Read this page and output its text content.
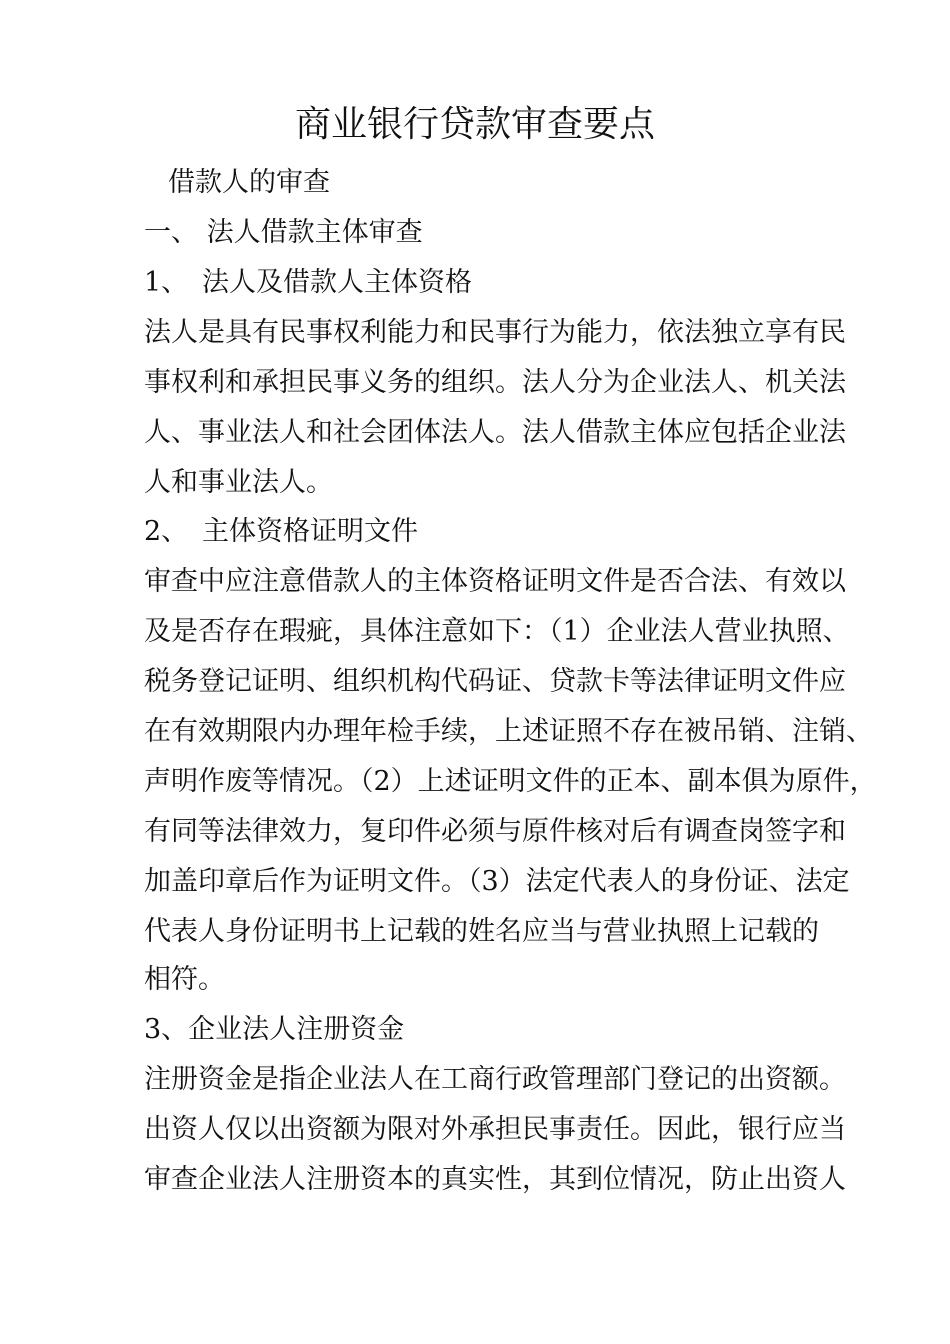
商业银行贷款审查要点
借款人的审查
一、 法人借款主体审查
1、 法人及借款人主体资格
法人是具有民事权利能力和民事行为能力，依法独立享有民
事权利和承担民事义务的组织。法人分为企业法人、机关法
人、事业法人和社会团体法人。法人借款主体应包括企业法
人和事业法人。
2、 主体资格证明文件
审查中应注意借款人的主体资格证明文件是否合法、有效以
及是否存在瑕疵，具体注意如下：（1）企业法人营业执照、
税务登记证明、组织机构代码证、贷款卡等法律证明文件应
在有效期限内办理年检手续，上述证照不存在被吊销、注销、
声明作废等情况。（2）上述证明文件的正本、副本俱为原件，
有同等法律效力，复印件必须与原件核对后有调查岗签字和
加盖印章后作为证明文件。（3）法定代表人的身份证、法定
代表人身份证明书上记载的姓名应当与营业执照上记载的
相符。
3、企业法人注册资金
注册资金是指企业法人在工商行政管理部门登记的出资额。
出资人仅以出资额为限对外承担民事责任。因此，银行应当
审查企业法人注册资本的真实性，其到位情况，防止出资人
